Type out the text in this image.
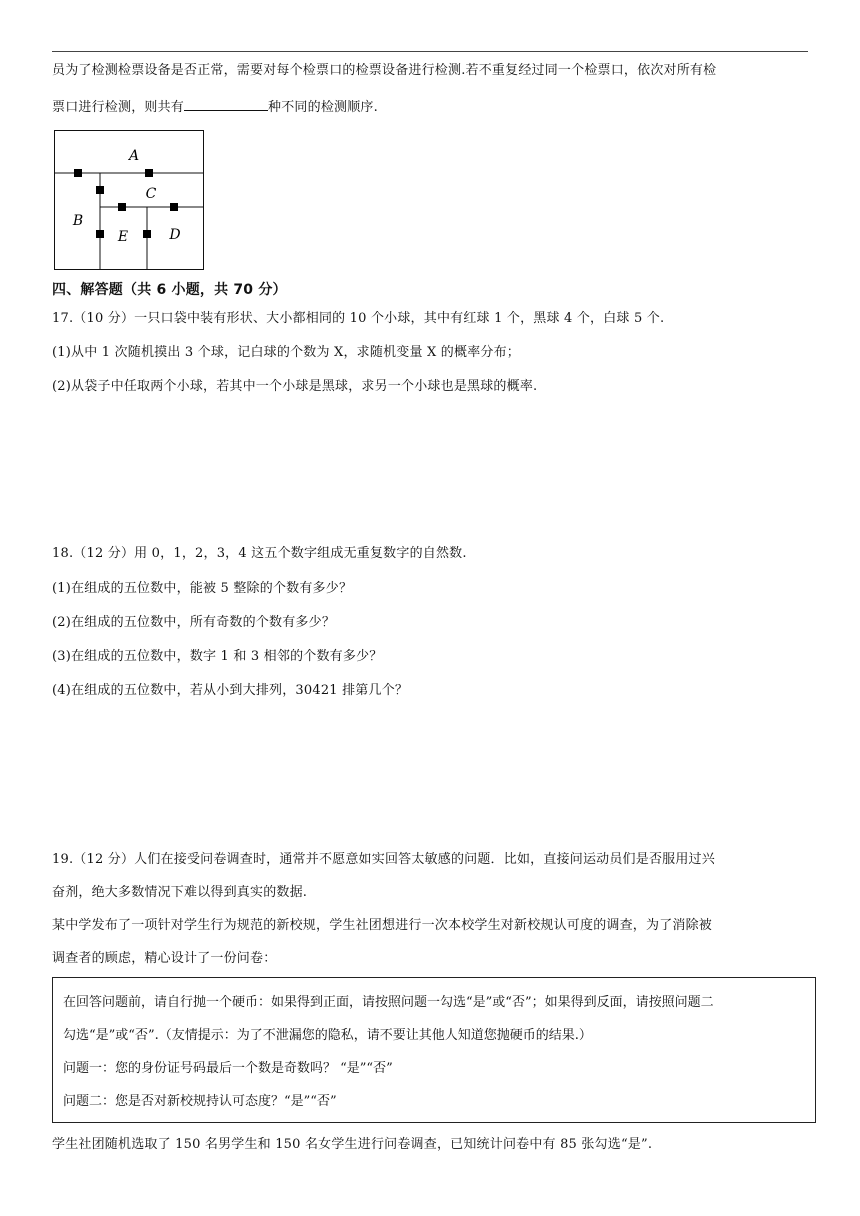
员为了检测检票设备是否正常，需要对每个检票口的检票设备进行检测.若不重复经过同一个检票口，依次对所有检
票口进行检测，则共有	种不同的检测顺序.
A
C
B
E	D
四、解答题（共 6 小题，共 70 分）
17.（10 分）一只口袋中装有形状、大小都相同的 10 个小球，其中有红球 1 个，黑球 4 个，白球 5 个.
(1)从中 1 次随机摸出 3 个球，记白球的个数为 X，求随机变量 X 的概率分布；
(2)从袋子中任取两个小球，若其中一个小球是黑球，求另一个小球也是黑球的概率.
18.（12 分）用 0，1，2，3，4 这五个数字组成无重复数字的自然数.
(1)在组成的五位数中，能被 5 整除的个数有多少？
(2)在组成的五位数中，所有奇数的个数有多少？
(3)在组成的五位数中，数字 1 和 3 相邻的个数有多少？
(4)在组成的五位数中，若从小到大排列，30421 排第几个？
19.（12 分）人们在接受问卷调查时，通常并不愿意如实回答太敏感的问题．比如，直接问运动员们是否服用过兴
奋剂，绝大多数情况下难以得到真实的数据.
某中学发布了一项针对学生行为规范的新校规，学生社团想进行一次本校学生对新校规认可度的调查，为了消除被
调查者的顾虑，精心设计了一份问卷：
在回答问题前，请自行抛一个硬币：如果得到正面，请按照问题一勾选“是”或“否”；如果得到反面，请按照问题二
勾选“是”或“否”.（友情提示：为了不泄漏您的隐私，请不要让其他人知道您抛硬币的结果.）
问题一：您的身份证号码最后一个数是奇数吗？ “是”“否”
问题二：您是否对新校规持认可态度？“是”“否”
学生社团随机选取了 150 名男学生和 150 名女学生进行问卷调查，已知统计问卷中有 85 张勾选“是”.
